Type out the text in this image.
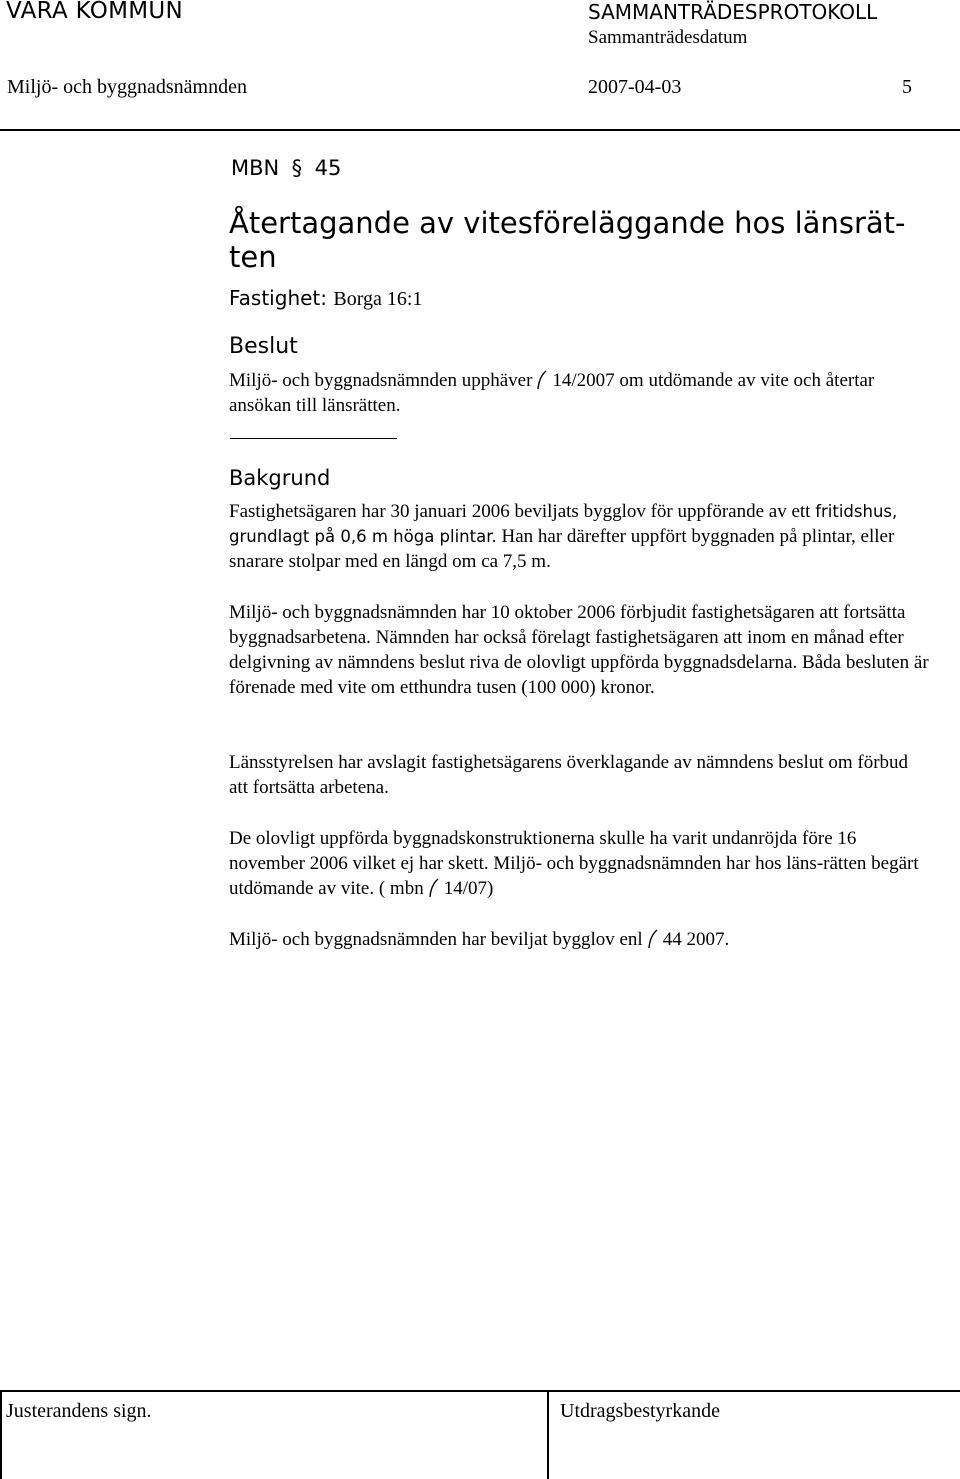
VARA KOMMUN	SAMMANTRÄDESPROTOKOLL
Sammanträdesdatum
Miljö- och byggnadsnämnden	2007-04-03	5
MBN § 45
Återtagande av vitesföreläggande hos länsrät-ten
Fastighet: Borga 16:1
Beslut

Miljö- och byggnadsnämnden upphäver 14/2007 om utdömande av vite och återtar ansökan till länsrätten.

Bakgrund

Fastighetsägaren har 30 januari 2006 beviljats bygglov för uppförande av ett fritidshus, grundlagt på 0,6 m höga plintar. Han har därefter uppfört byggnaden på plintar, eller snarare stolpar med en längd om ca 7,5 m.

Miljö- och byggnadsnämnden har 10 oktober 2006 förbjudit fastighetsägaren att fortsätta byggnadsarbetena. Nämnden har också förelagt fastighetsägaren att inom en månad efter delgivning av nämndens beslut riva de olovligt uppförda byggnadsdelarna. Båda besluten är förenade med vite om etthundra tusen (100 000) kronor.

Länsstyrelsen har avslagit fastighetsägarens överklagande av nämndens beslut om förbud att fortsätta arbetena.

De olovligt uppförda byggnadskonstruktionerna skulle ha varit undanröjda före 16 november 2006 vilket ej har skett. Miljö- och byggnadsnämnden har hos läns-rätten begärt utdömande av vite. ( mbn 14/07)

Miljö- och byggnadsnämnden har beviljat bygglov enl 44 2007.

Justerandens sign.	Utdragsbestyrkande
